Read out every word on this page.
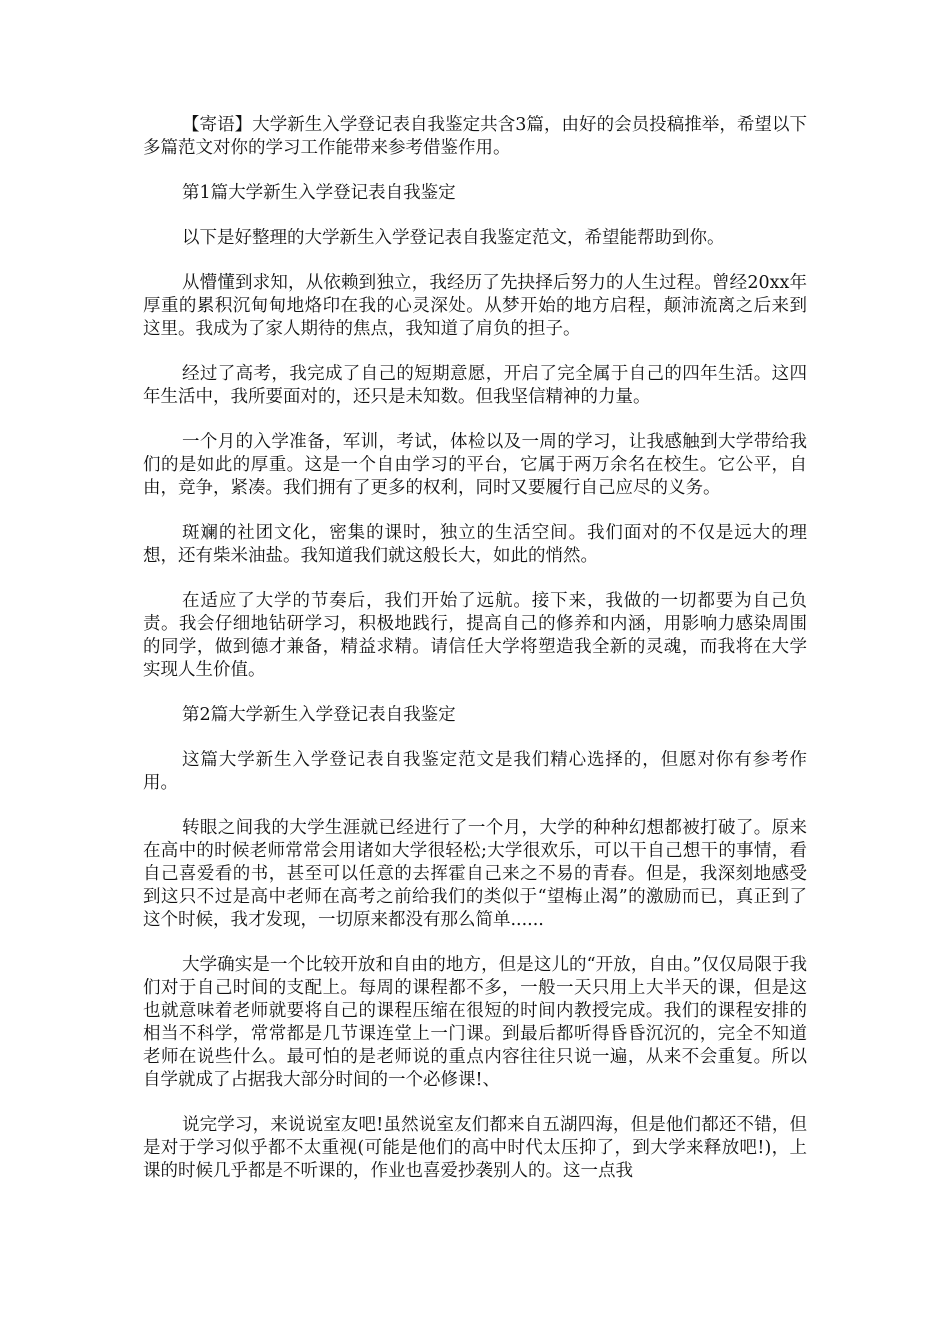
【寄语】大学新生入学登记表自我鉴定共含3篇，由好的会员投稿推举，希望以下多篇范文对你的学习工作能带来参考借鉴作用。

第1篇大学新生入学登记表自我鉴定

以下是好整理的大学新生入学登记表自我鉴定范文，希望能帮助到你。

从懵懂到求知，从依赖到独立，我经历了先抉择后努力的人生过程。曾经20xx年厚重的累积沉甸甸地烙印在我的心灵深处。从梦开始的地方启程，颠沛流离之后来到这里。我成为了家人期待的焦点，我知道了肩负的担子。

经过了高考，我完成了自己的短期意愿，开启了完全属于自己的四年生活。这四年生活中，我所要面对的，还只是未知数。但我坚信精神的力量。

一个月的入学准备，军训，考试，体检以及一周的学习，让我感触到大学带给我们的是如此的厚重。这是一个自由学习的平台，它属于两万余名在校生。它公平，自由，竞争，紧凑。我们拥有了更多的权利，同时又要履行自己应尽的义务。

斑斓的社团文化，密集的课时，独立的生活空间。我们面对的不仅是远大的理想，还有柴米油盐。我知道我们就这般长大，如此的悄然。

在适应了大学的节奏后，我们开始了远航。接下来，我做的一切都要为自己负责。我会仔细地钻研学习，积极地践行，提高自己的修养和内涵，用影响力感染周围的同学，做到德才兼备，精益求精。请信任大学将塑造我全新的灵魂，而我将在大学实现人生价值。

第2篇大学新生入学登记表自我鉴定

这篇大学新生入学登记表自我鉴定范文是我们精心选择的，但愿对你有参考作用。

转眼之间我的大学生涯就已经进行了一个月，大学的种种幻想都被打破了。原来在高中的时候老师常常会用诸如大学很轻松;大学很欢乐，可以干自己想干的事情，看自己喜爱看的书，甚至可以任意的去挥霍自己来之不易的青春。但是，我深刻地感受到这只不过是高中老师在高考之前给我们的类似于“望梅止渴”的激励而已，真正到了这个时候，我才发现，一切原来都没有那么简单......

大学确实是一个比较开放和自由的地方，但是这儿的“开放，自由。”仅仅局限于我们对于自己时间的支配上。每周的课程都不多，一般一天只用上大半天的课，但是这也就意味着老师就要将自己的课程压缩在很短的时间内教授完成。我们的课程安排的相当不科学，常常都是几节课连堂上一门课。到最后都听得昏昏沉沉的，完全不知道老师在说些什么。最可怕的是老师说的重点内容往往只说一遍，从来不会重复。所以自学就成了占据我大部分时间的一个必修课!、

说完学习，来说说室友吧!虽然说室友们都来自五湖四海，但是他们都还不错，但是对于学习似乎都不太重视(可能是他们的高中时代太压抑了，到大学来释放吧!)，上课的时候几乎都是不听课的，作业也喜爱抄袭别人的。这一点我
